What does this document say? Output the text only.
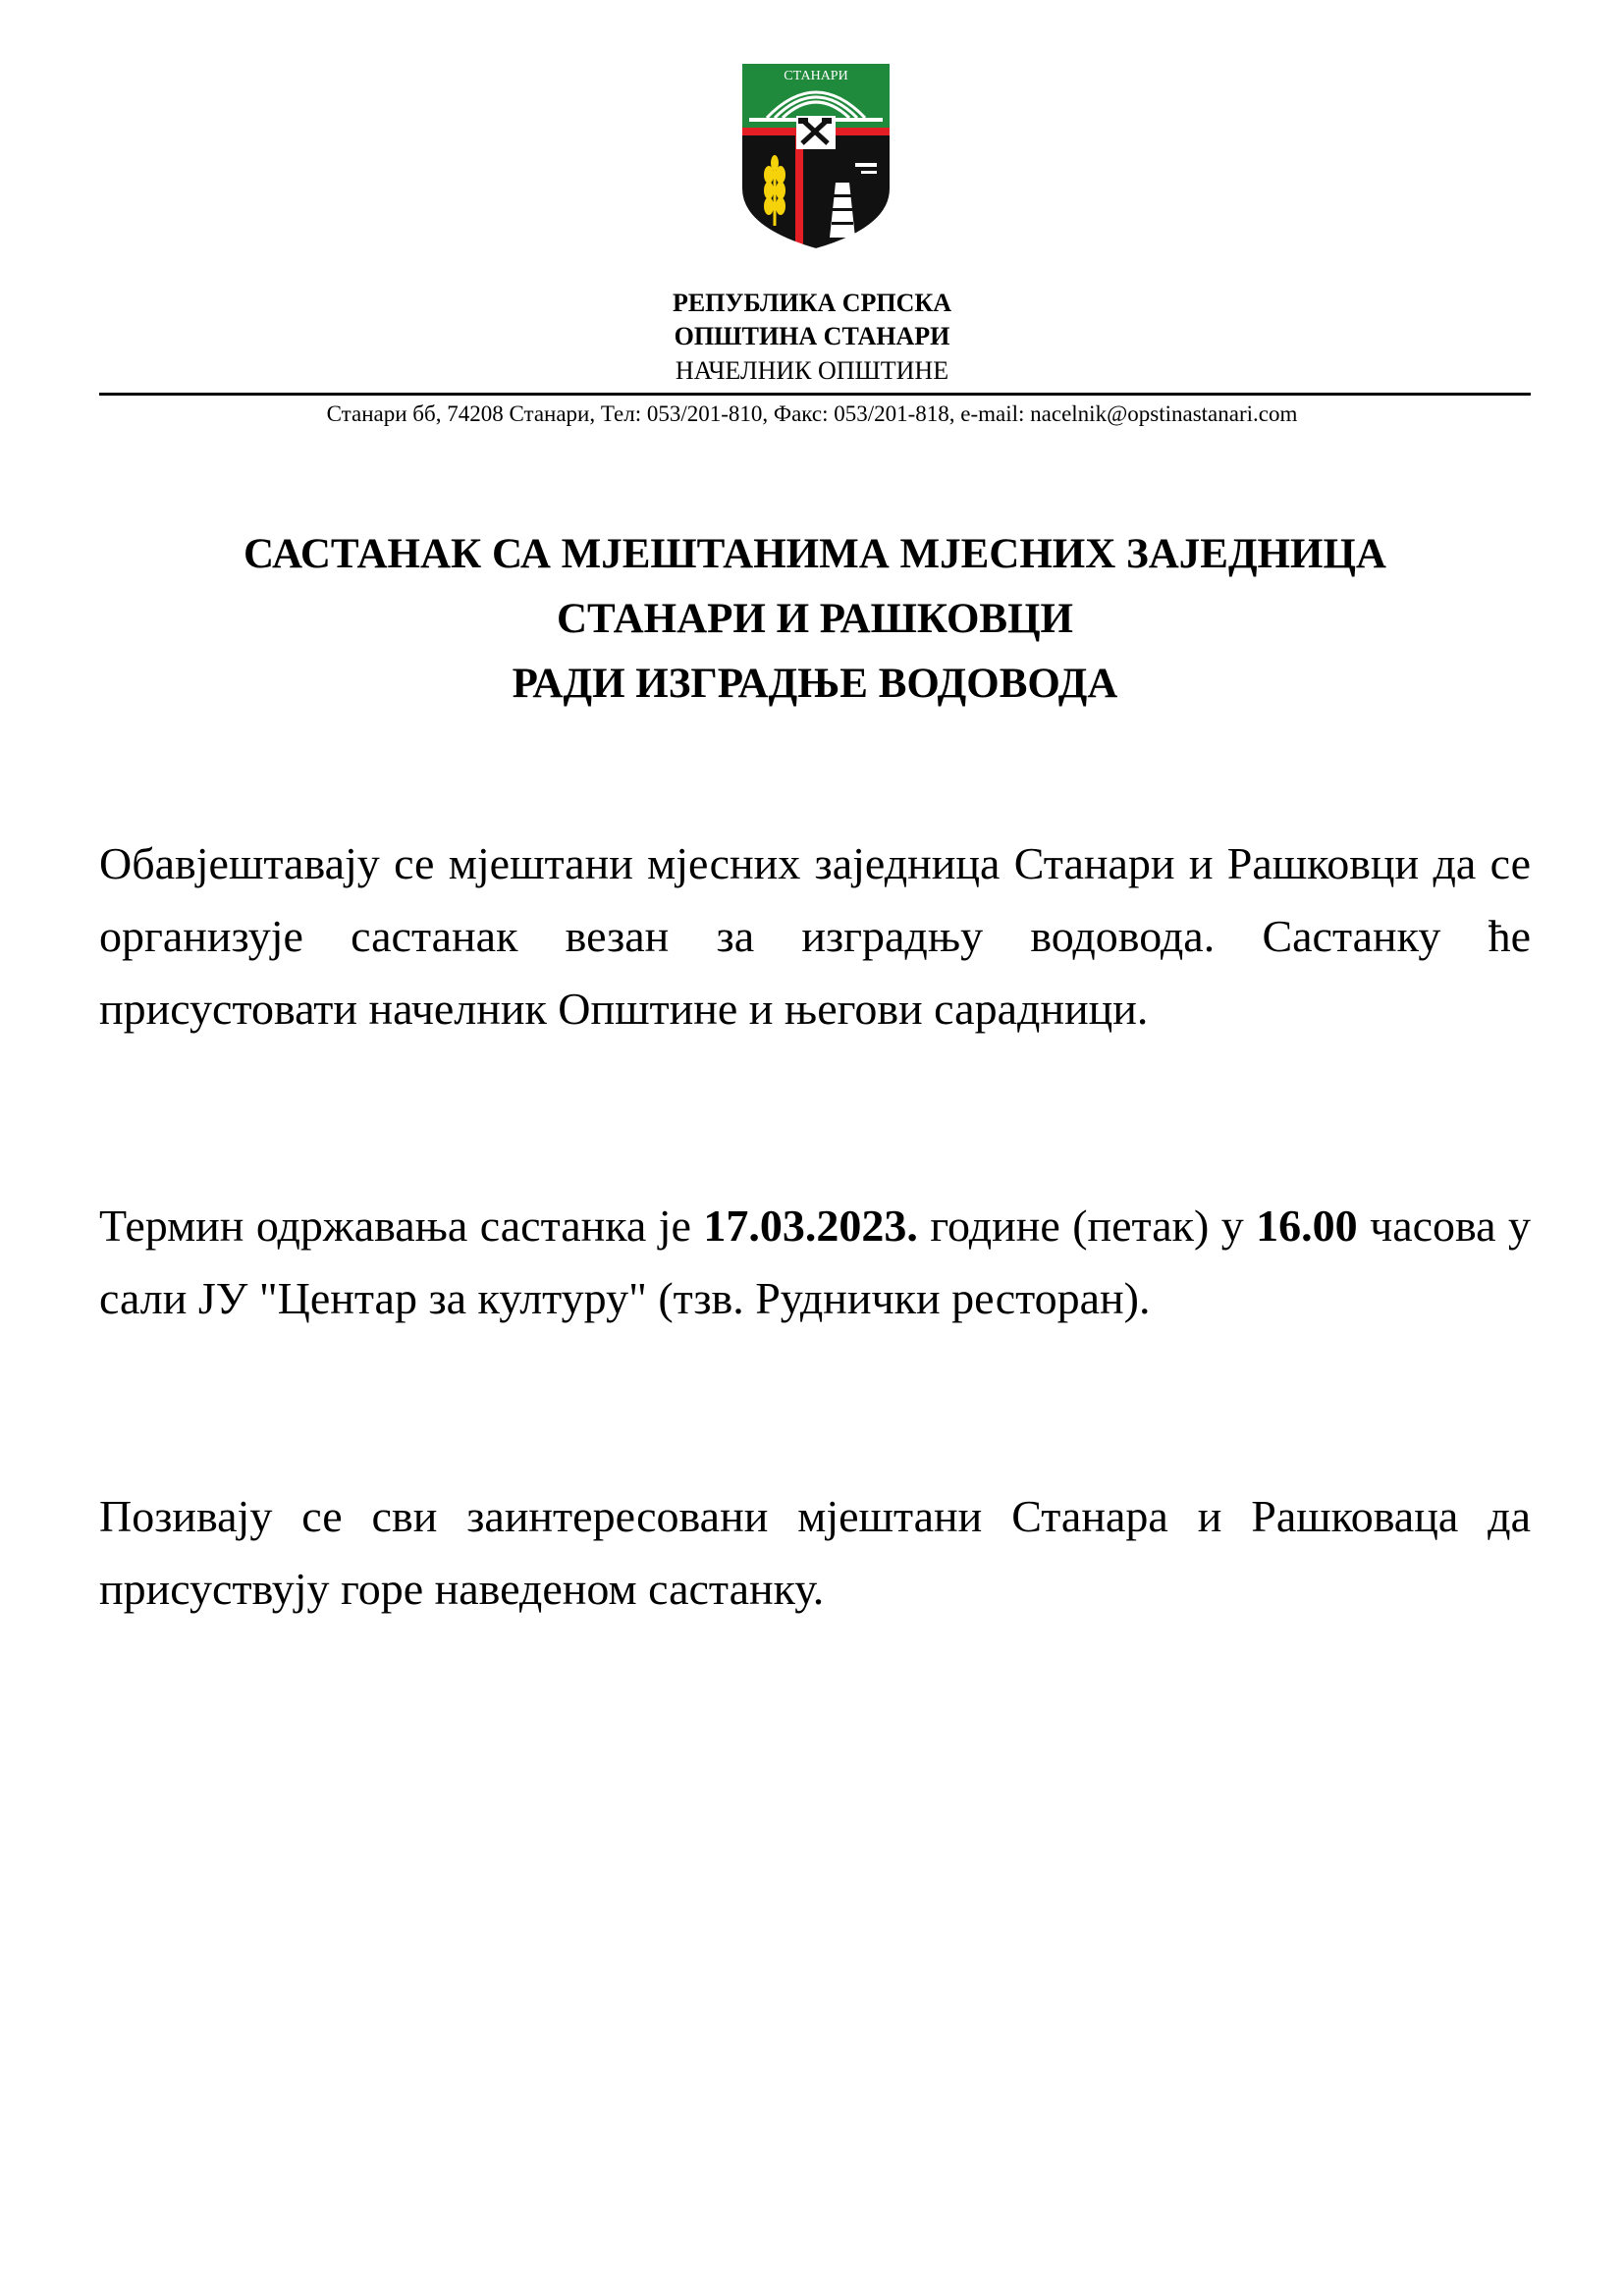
СТАНАРИ
РЕПУБЛИКА СРПСКА
ОПШТИНА СТАНАРИ
НАЧЕЛНИК ОПШТИНЕ
Станари бб, 74208 Станари, Тел: 053/201-810, Факс: 053/201-818, e-mail: nacelnik@opstinastanari.com
САСТАНАК СА МЈЕШТАНИМА МЈЕСНИХ ЗАЈЕДНИЦА
СТАНАРИ И РАШКОВЦИ
РАДИ ИЗГРАДЊЕ ВОДОВОДА
Обавјештавају се мјештани мјесних заједница Станари и Рашковци да се организује састанак везан за изградњу водовода. Састанку ће присустовати начелник Општине и његови сарадници.
Термин одржавања састанка је 17.03.2023. године (петак) у 16.00 часова у сали ЈУ "Центар за културу" (тзв. Руднички ресторан).
Позивају се сви заинтересовани мјештани Станара и Рашковаца да присуствују горе наведеном састанку.
